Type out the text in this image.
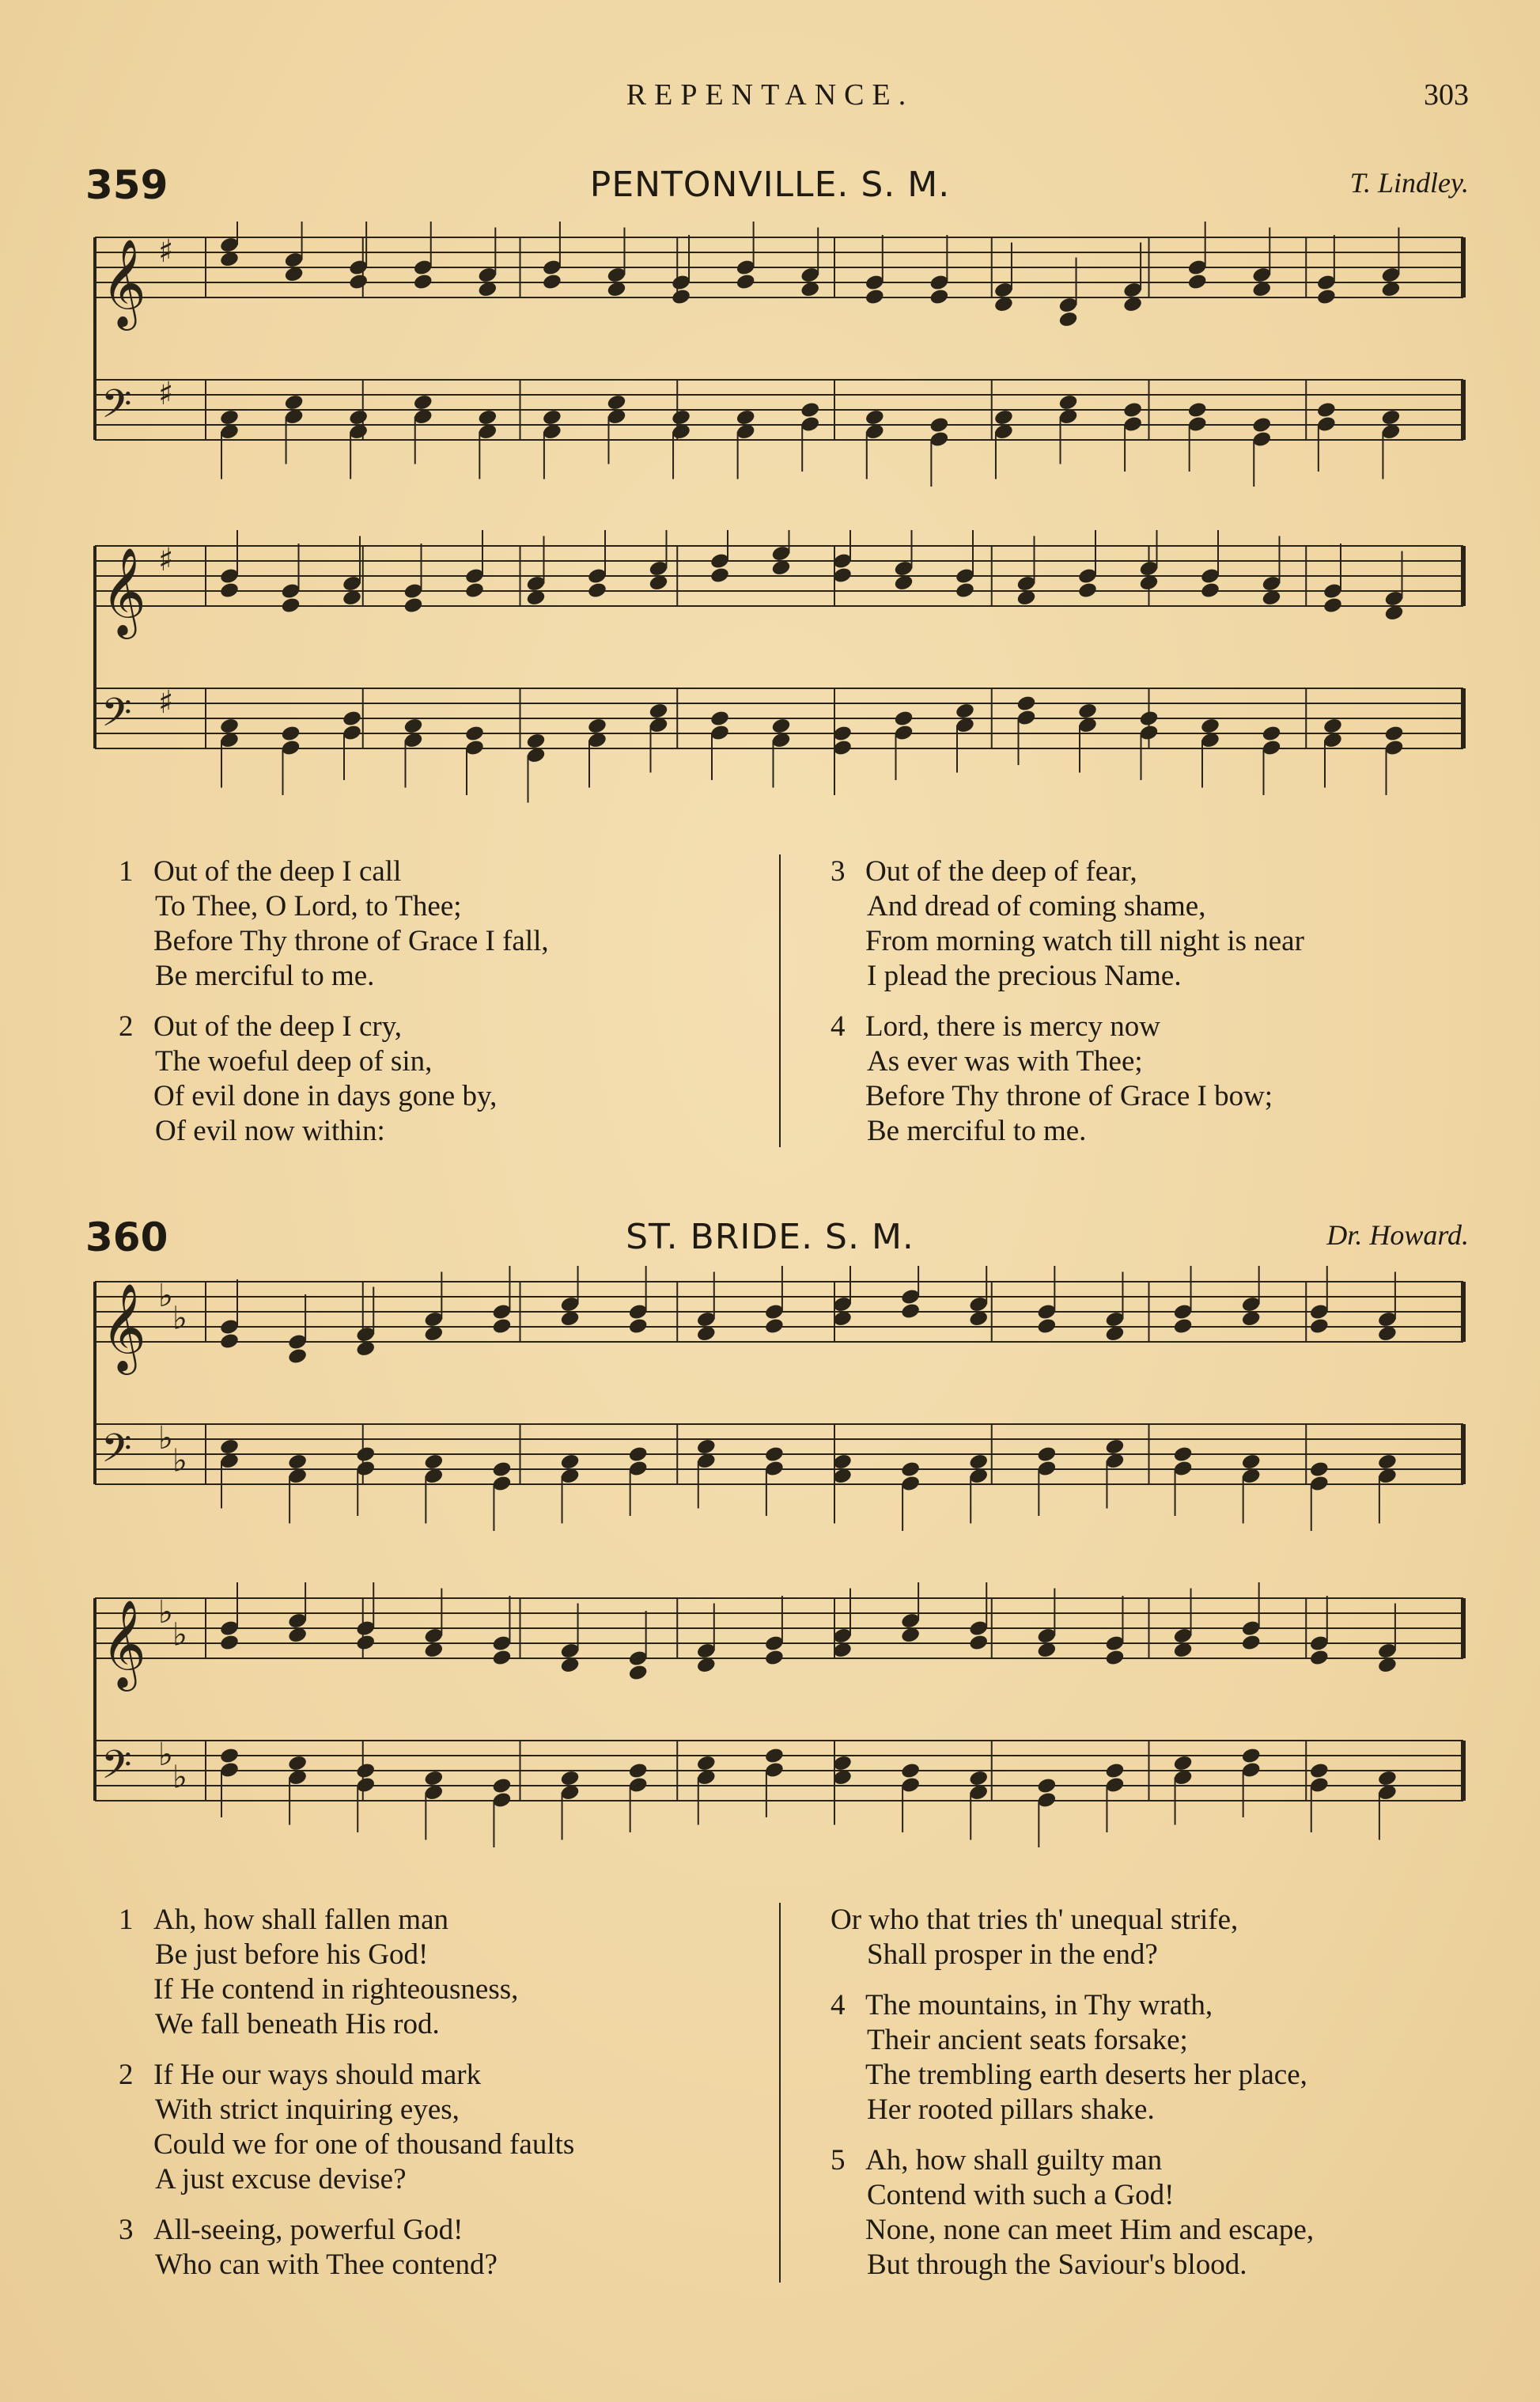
REPENTANCE.	303
359	PENTONVILLE. S. M.	T. Lindley.
𝄞 ♯
𝄢 ♯
𝄞 ♯
𝄢 ♯
1 Out of the deep I call
To Thee, O Lord, to Thee;
Before Thy throne of Grace I fall,
Be merciful to me.
2 Out of the deep I cry,
The woeful deep of sin,
Of evil done in days gone by,
Of evil now within:
3 Out of the deep of fear,
And dread of coming shame,
From morning watch till night is near
I plead the precious Name.
4 Lord, there is mercy now
As ever was with Thee;
Before Thy throne of Grace I bow;
Be merciful to me.
360	ST. BRIDE. S. M.	Dr. Howard.
𝄞 ♭
♭
𝄢 ♭
♭
𝄞 ♭
♭
𝄢 ♭
♭
1 Ah, how shall fallen man
Be just before his God!
If He contend in righteousness,
We fall beneath His rod.
2 If He our ways should mark
With strict inquiring eyes,
Could we for one of thousand faults
A just excuse devise?
3 All-seeing, powerful God!
Who can with Thee contend?
Or who that tries th' unequal strife,
Shall prosper in the end?
4 The mountains, in Thy wrath,
Their ancient seats forsake;
The trembling earth deserts her place,
Her rooted pillars shake.
5 Ah, how shall guilty man
Contend with such a God!
None, none can meet Him and escape,
But through the Saviour's blood.
